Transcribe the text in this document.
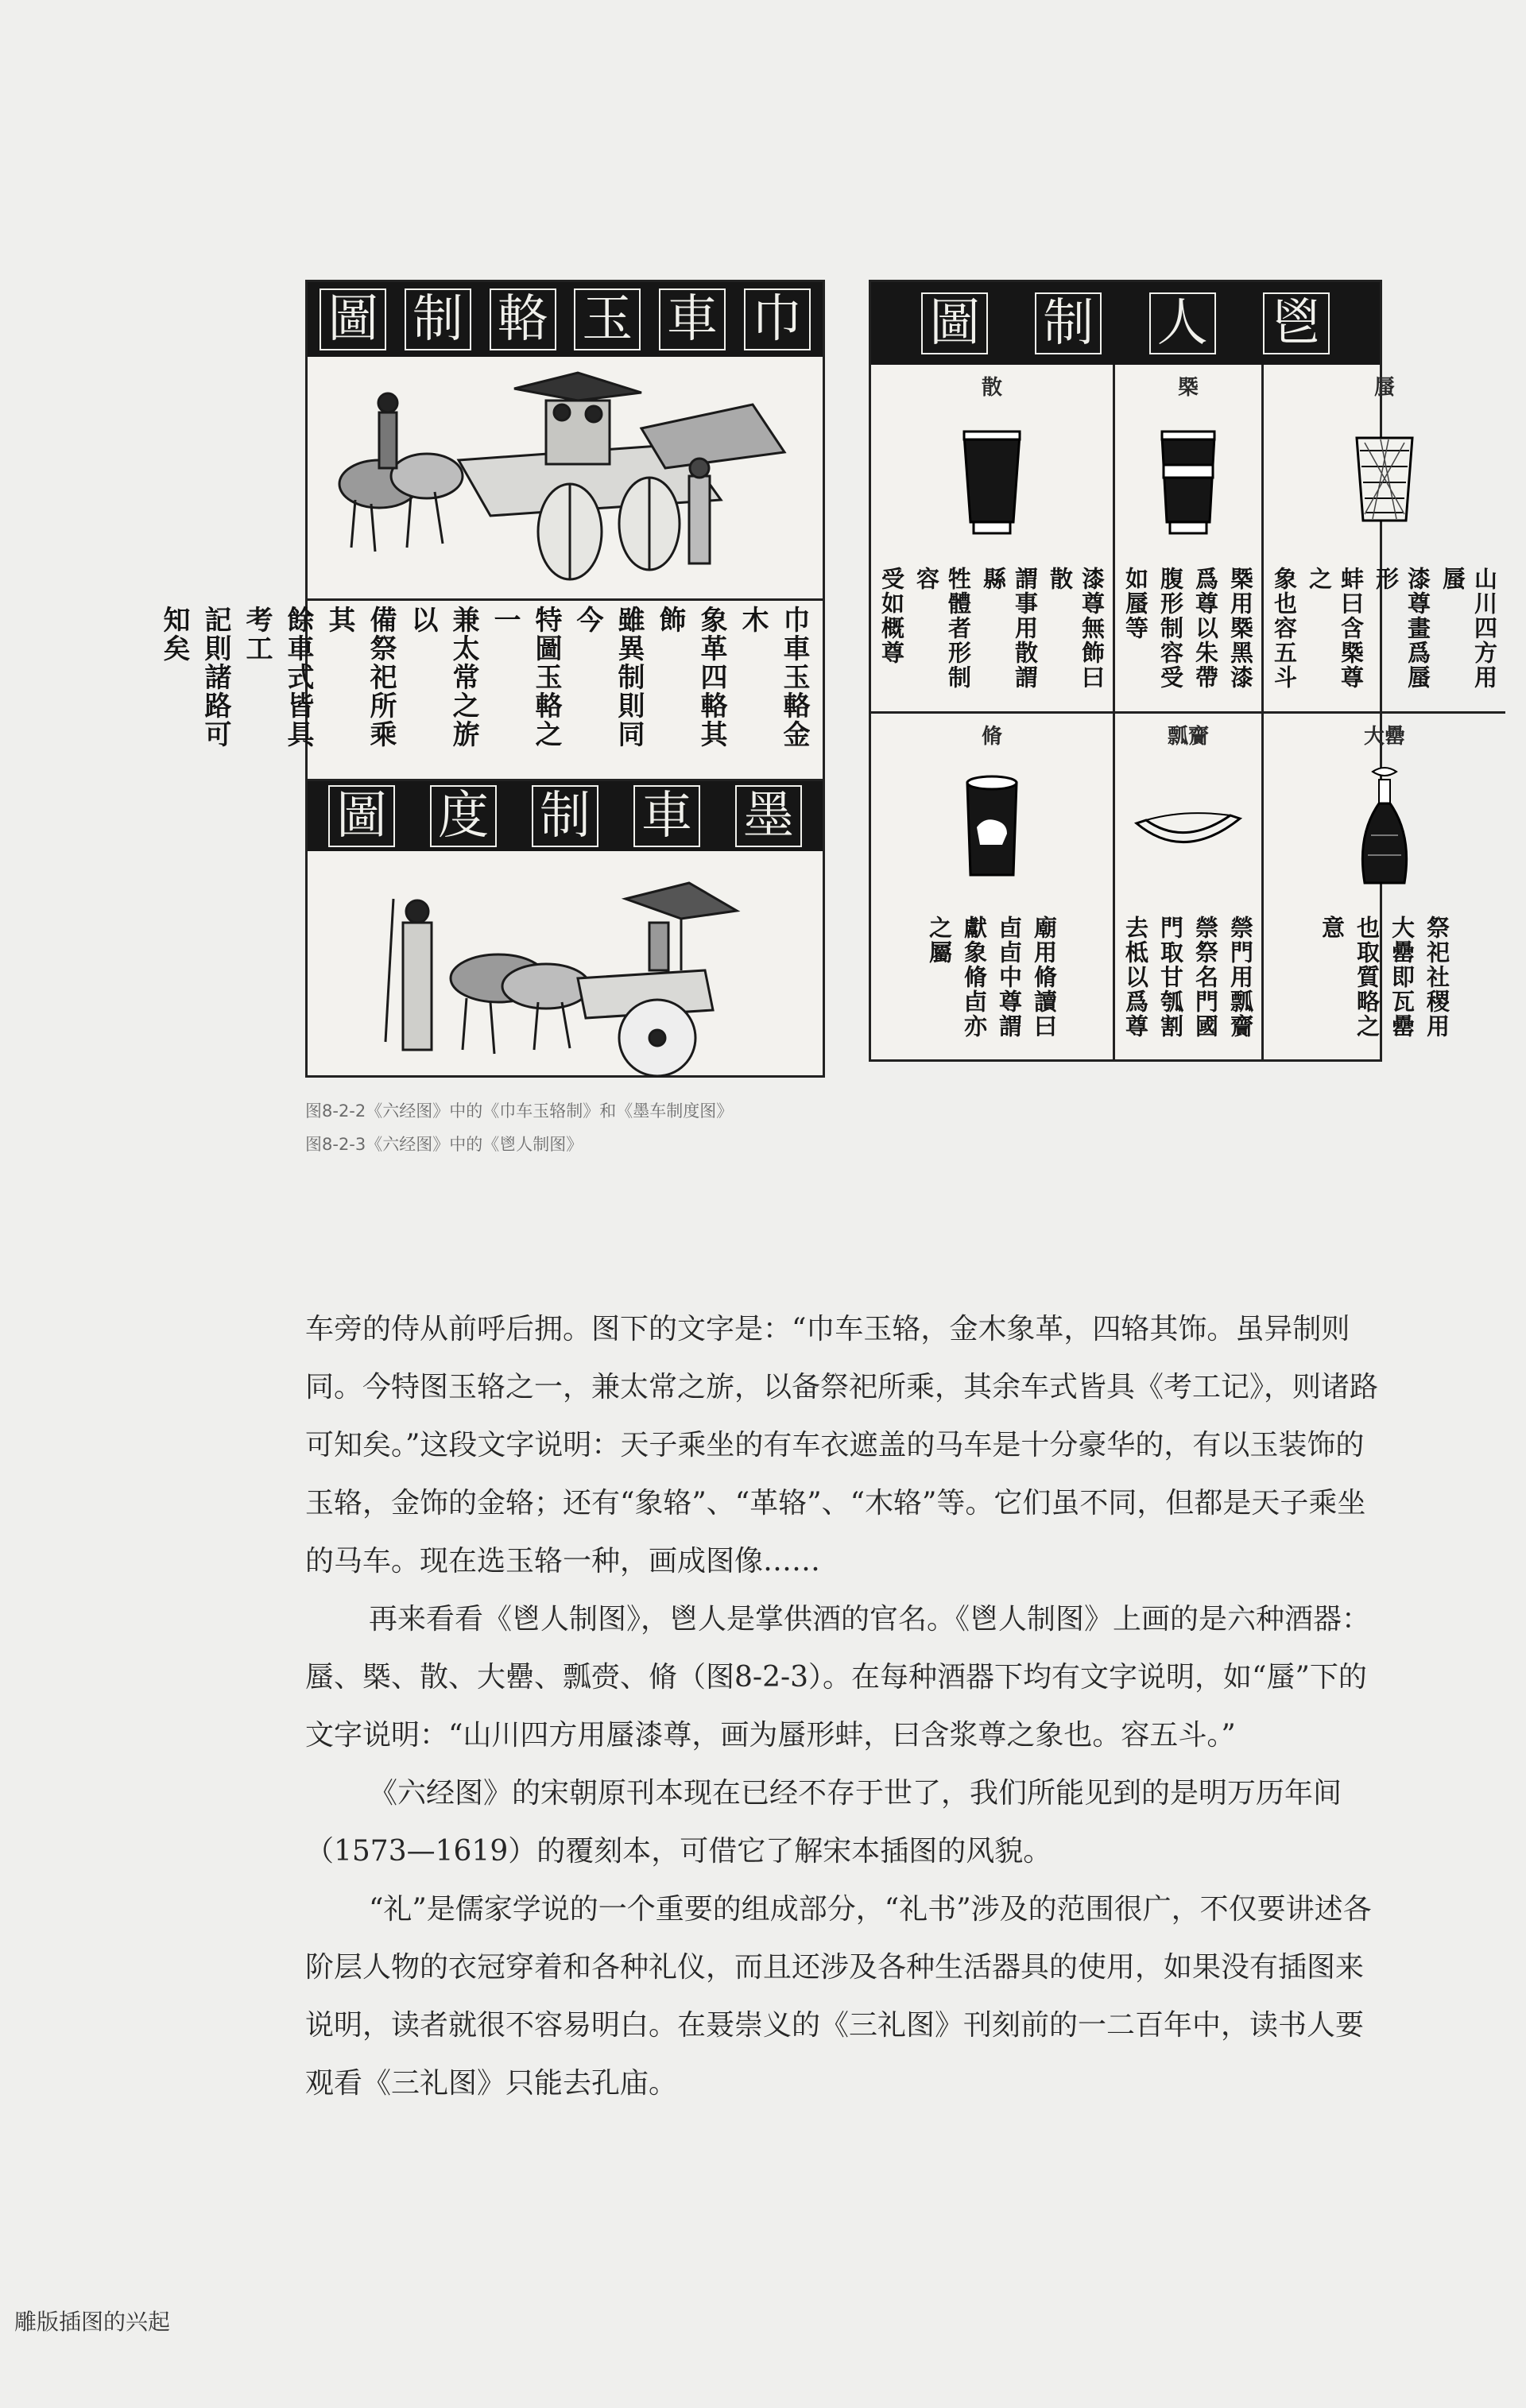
圖 制 輅 玉 車 巾
巾車玉輅金木
象革四輅其飾
雖異制則同今
特圖玉輅之一
兼太常之旂以
備祭祀所乘其
餘車式皆具考工
記則諸路可知矣
圖 度 制 車 墨
圖 制 人 鬯
散
漆尊無飾曰散
謂事用散謂縣
牲體者形制容
受如概尊
槩
槩用槩黑漆
爲尊以朱帶
腹形制容受
如蜃等
蜃
山川四方用蜃
漆尊畫爲蜃形
蚌曰含槩尊之
象也容五斗
脩
廟用脩讀曰
卣卣中尊謂
獻象脩卣亦
之屬
瓢齎
禜門用瓢齎
禜祭名門國
門取甘瓠割
去柢以爲尊
大罍
祭祀社稷用
大罍即瓦罍
也取質略之
意
图8-2-2《六经图》中的《巾车玉辂制》和《墨车制度图》
图8-2-3《六经图》中的《鬯人制图》

车旁的侍从前呼后拥。图下的文字是：“巾车玉辂，金木象革，四辂其饰。虽异制则同。今特图玉辂之一，兼太常之旂，以备祭祀所乘，其余车式皆具《考工记》，则诸路可知矣。”这段文字说明：天子乘坐的有车衣遮盖的马车是十分豪华的，有以玉装饰的玉辂，金饰的金辂；还有“象辂”、“革辂”、“木辂”等。它们虽不同，但都是天子乘坐的马车。现在选玉辂一种，画成图像……

再来看看《鬯人制图》，鬯人是掌供酒的官名。《鬯人制图》上画的是六种酒器：蜃、槩、散、大罍、瓢赍、脩（图8-2-3）。在每种酒器下均有文字说明，如“蜃”下的文字说明：“山川四方用蜃漆尊，画为蜃形蚌，曰含浆尊之象也。容五斗。”

《六经图》的宋朝原刊本现在已经不存于世了，我们所能见到的是明万历年间（1573—1619）的覆刻本，可借它了解宋本插图的风貌。

“礼”是儒家学说的一个重要的组成部分，“礼书”涉及的范围很广，不仅要讲述各阶层人物的衣冠穿着和各种礼仪，而且还涉及各种生活器具的使用，如果没有插图来说明，读者就很不容易明白。在聂崇义的《三礼图》刊刻前的一二百年中，读书人要观看《三礼图》只能去孔庙。

雕版插图的兴起
